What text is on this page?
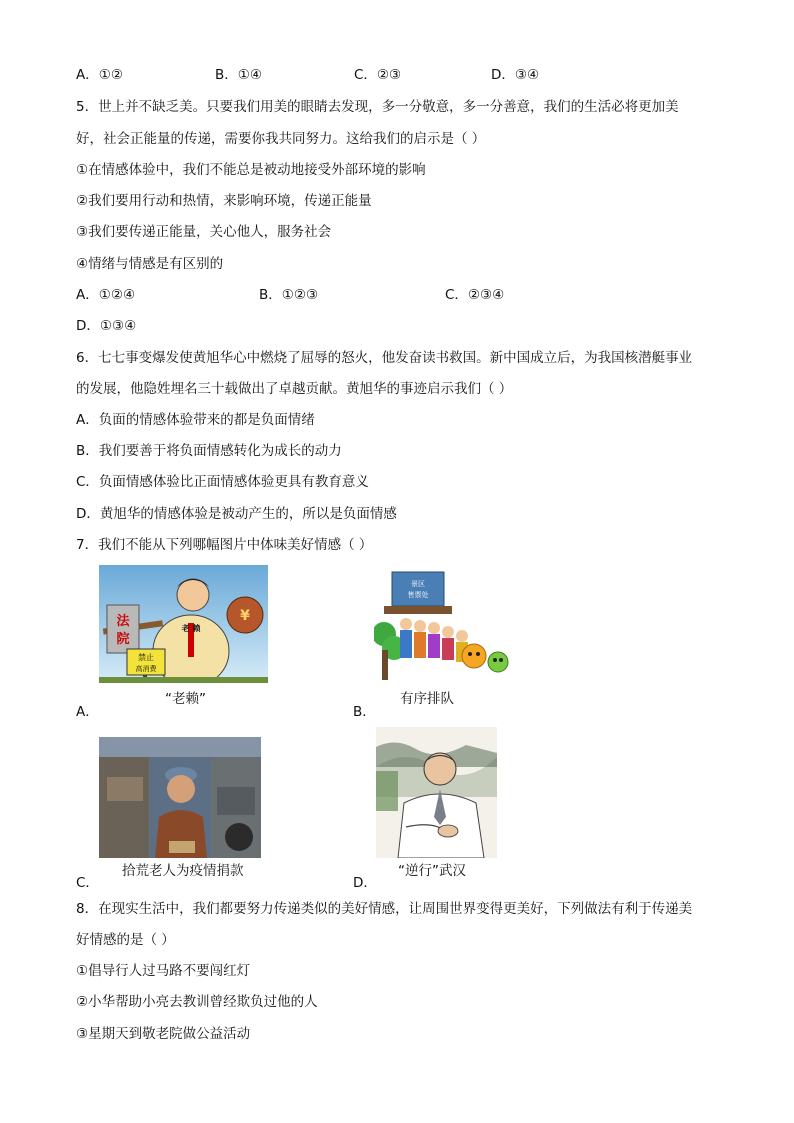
A．①②	B．①④	C．②③	D．③④
5．世上并不缺乏美。只要我们用美的眼睛去发现，多一分敬意，多一分善意，我们的生活必将更加美
好，社会正能量的传递，需要你我共同努力。这给我们的启示是（ ）
①在情感体验中，我们不能总是被动地接受外部环境的影响
②我们要用行动和热情，来影响环境，传递正能量
③我们要传递正能量，关心他人，服务社会
④情绪与情感是有区别的
A．①②④	B．①②③	C．②③④
D．①③④
6．七七事变爆发使黄旭华心中燃烧了屈辱的怒火，他发奋读书救国。新中国成立后，为我国核潜艇事业
的发展，他隐姓埋名三十载做出了卓越贡献。黄旭华的事迹启示我们（ ）
A．负面的情感体验带来的都是负面情绪
B．我们要善于将负面情感转化为成长的动力
C．负面情感体验比正面情感体验更具有教育意义
D．黄旭华的情感体验是被动产生的，所以是负面情感
7．我们不能从下列哪幅图片中体味美好情感（ ）
法
院
老 赖
¥
禁止
高消费
“老赖”
A．
景区
售票处
有序排队
B．
拾荒老人为疫情捐款
C．
“逆行”武汉
D．
8．在现实生活中，我们都要努力传递类似的美好情感，让周围世界变得更美好，下列做法有利于传递美
好情感的是（ ）
①倡导行人过马路不要闯红灯
②小华帮助小亮去教训曾经欺负过他的人
③星期天到敬老院做公益活动
